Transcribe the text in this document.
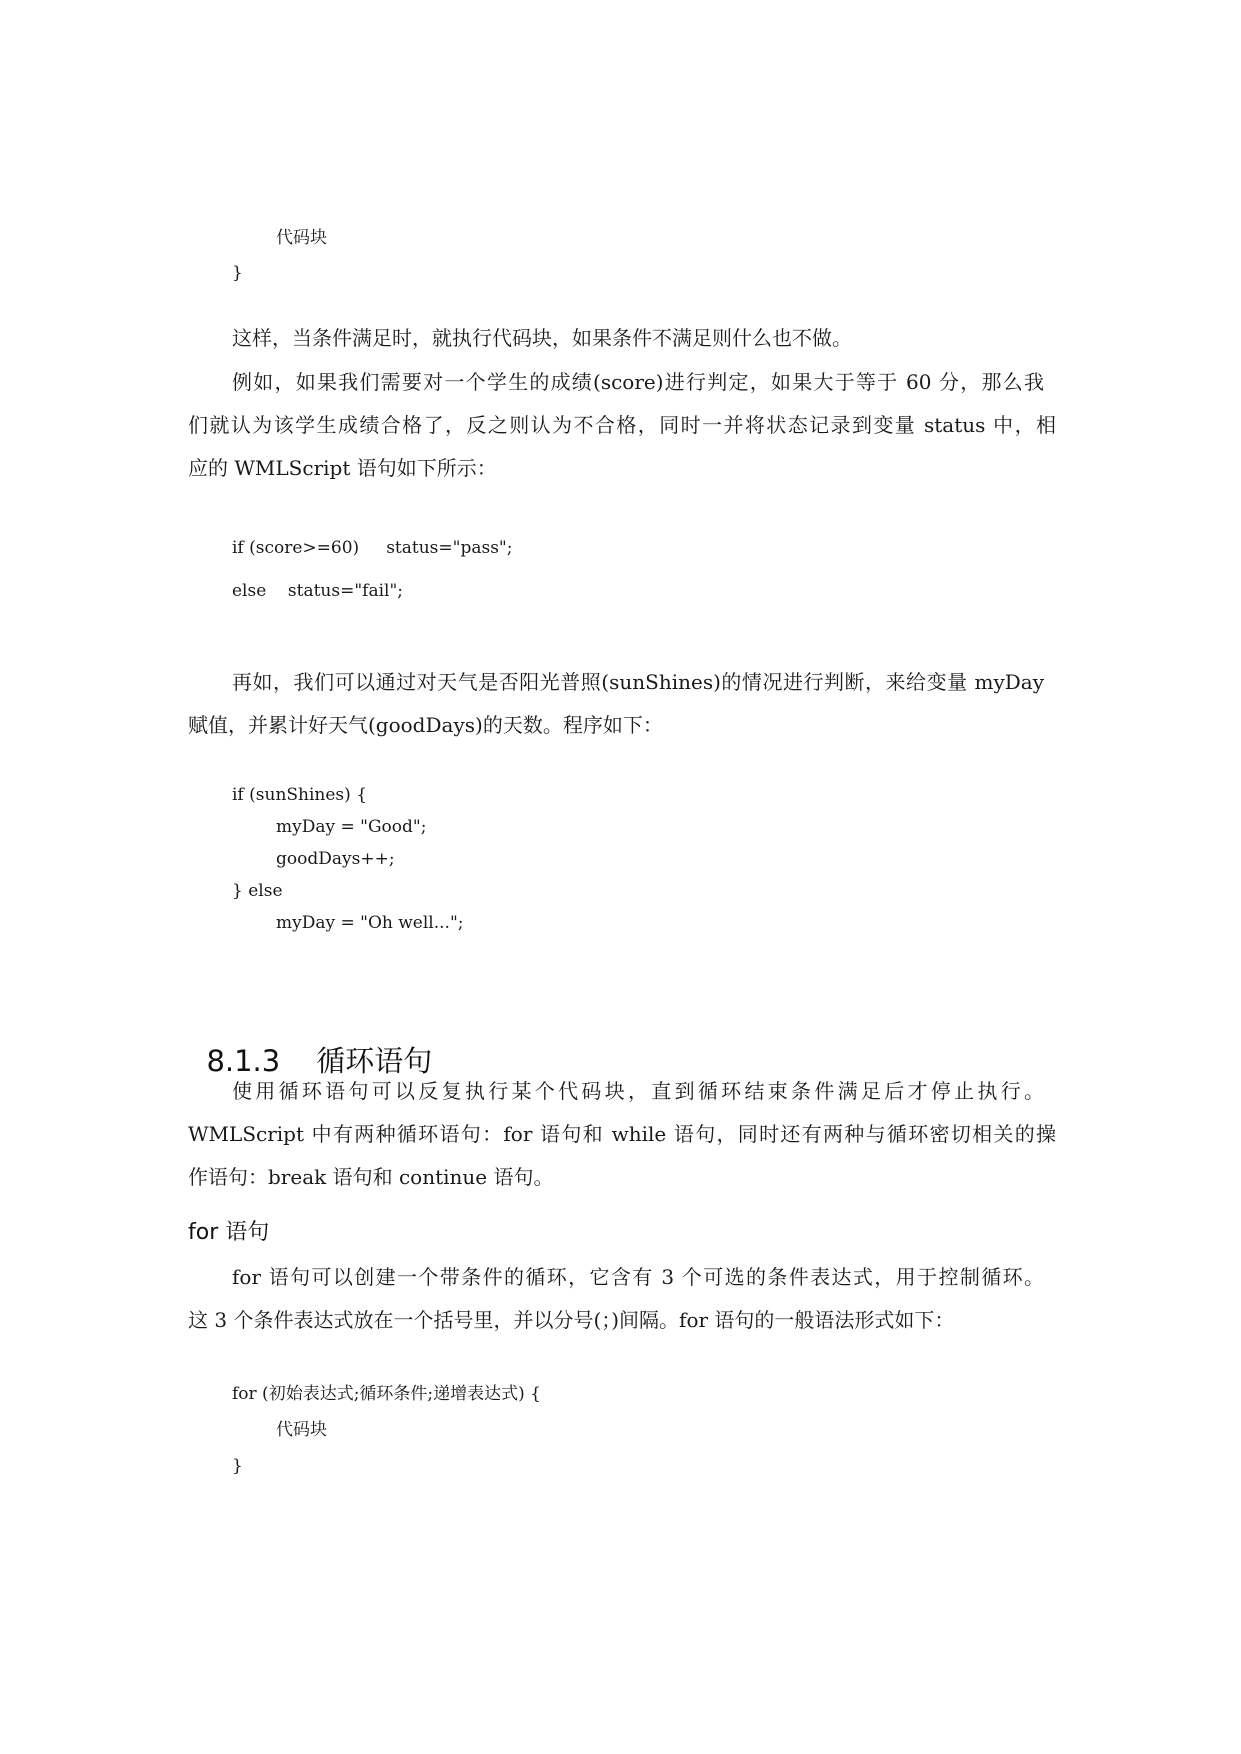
代码块

}

这样，当条件满足时，就执行代码块，如果条件不满足则什么也不做。

例如，如果我们需要对一个学生的成绩(score)进行判定，如果大于等于 60 分，那么我

们就认为该学生成绩合格了，反之则认为不合格，同时一并将状态记录到变量 status 中，相

应的 WMLScript 语句如下所示：

if (score>=60)     status="pass";

else    status="fail";

再如，我们可以通过对天气是否阳光普照(sunShines)的情况进行判断，来给变量 myDay

赋值，并累计好天气(goodDays)的天数。程序如下：

if (sunShines) {

myDay = "Good";

goodDays++;

} else

myDay = "Oh well...";

8.1.3 循环语句

使用循环语句可以反复执行某个代码块，直到循环结束条件满足后才停止执行。

WMLScript 中有两种循环语句：for 语句和 while 语句，同时还有两种与循环密切相关的操

作语句：break 语句和 continue 语句。

for 语句

for 语句可以创建一个带条件的循环，它含有 3 个可选的条件表达式，用于控制循环。

这 3 个条件表达式放在一个括号里，并以分号(；)间隔。for 语句的一般语法形式如下：

for (初始表达式;循环条件;递增表达式) {

代码块

}
